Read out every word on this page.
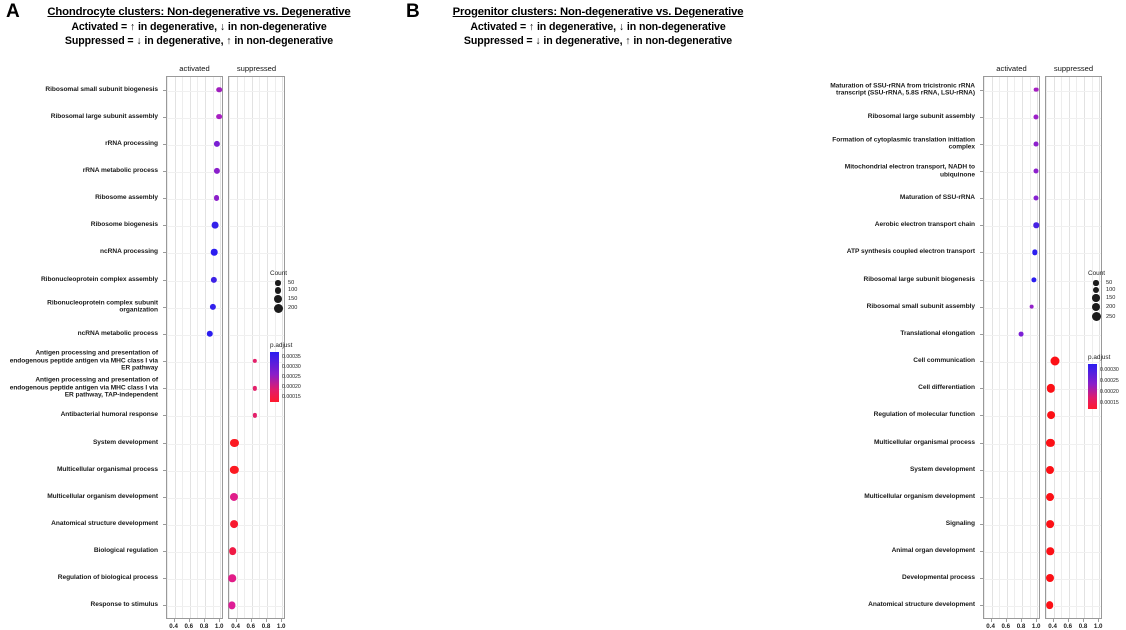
A	Chondrocyte clusters: Non-degenerative vs. Degenerative
Activated = ↑ in degenerative, ↓ in non-degenerative
Suppressed = ↓ in degenerative, ↑ in non-degenerative
activated
0.4 0.6 0.8 1.0
suppressed
0.4 0.6 0.8 1.0
Ribosomal small subunit biogenesis
Ribosomal large subunit assembly
rRNA processing
rRNA metabolic process
Ribosome assembly
Ribosome biogenesis
ncRNA processing
Ribonucleoprotein complex assembly
Ribonucleoprotein complex subunit organization
ncRNA metabolic process
Antigen processing and presentation of endogenous peptide antigen via MHC class I via ER pathway
Antigen processing and presentation of endogenous peptide antigen via MHC class I via ER pathway, TAP-independent
Antibacterial humoral response
System development
Multicellular organismal process
Multicellular organism development
Anatomical structure development
Biological regulation
Regulation of biological process
Response to stimulus
Count
50
100
150
200
p.adjust
0.00035
0.00030
0.00025
0.00020
0.00015
B	Progenitor clusters: Non-degenerative vs. Degenerative
Activated = ↑ in degenerative, ↓ in non-degenerative
Suppressed = ↓ in degenerative, ↑ in non-degenerative
activated
0.4 0.6 0.8 1.0
suppressed
0.4 0.6 0.8 1.0
Maturation of SSU-rRNA from tricistronic rRNA transcript (SSU-rRNA, 5.8S rRNA, LSU-rRNA)
Ribosomal large subunit assembly
Formation of cytoplasmic translation initiation complex
Mitochondrial electron transport, NADH to ubiquinone
Maturation of SSU-rRNA
Aerobic electron transport chain
ATP synthesis coupled electron transport
Ribosomal large subunit biogenesis
Ribosomal small subunit assembly
Translational elongation
Cell communication
Cell differentiation
Regulation of molecular function
Multicellular organismal process
System development
Multicellular organism development
Signaling
Animal organ development
Developmental process
Anatomical structure development
Count
50
100
150
200
250
p.adjust
0.00030
0.00025
0.00020
0.00015
